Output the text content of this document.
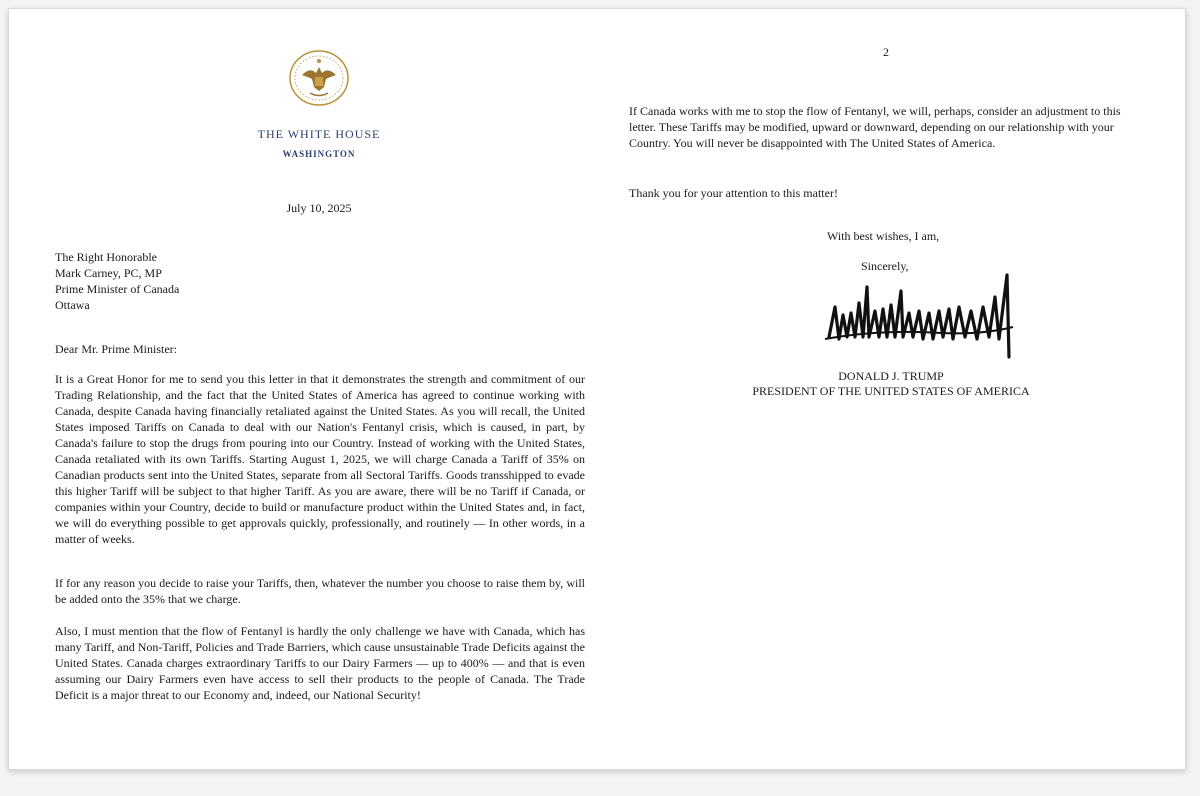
THE WHITE HOUSE
WASHINGTON
July 10, 2025
The Right Honorable
Mark Carney, PC, MP
Prime Minister of Canada
Ottawa
Dear Mr. Prime Minister:
It is a Great Honor for me to send you this letter in that it demonstrates the strength and commitment of our Trading Relationship, and the fact that the United States of America has agreed to continue working with Canada, despite Canada having financially retaliated against the United States. As you will recall, the United States imposed Tariffs on Canada to deal with our Nation's Fentanyl crisis, which is caused, in part, by Canada's failure to stop the drugs from pouring into our Country. Instead of working with the United States, Canada retaliated with its own Tariffs. Starting August 1, 2025, we will charge Canada a Tariff of 35% on Canadian products sent into the United States, separate from all Sectoral Tariffs. Goods transshipped to evade this higher Tariff will be subject to that higher Tariff. As you are aware, there will be no Tariff if Canada, or companies within your Country, decide to build or manufacture product within the United States and, in fact, we will do everything possible to get approvals quickly, professionally, and routinely — In other words, in a matter of weeks.
If for any reason you decide to raise your Tariffs, then, whatever the number you choose to raise them by, will be added onto the 35% that we charge.
Also, I must mention that the flow of Fentanyl is hardly the only challenge we have with Canada, which has many Tariff, and Non-Tariff, Policies and Trade Barriers, which cause unsustainable Trade Deficits against the United States. Canada charges extraordinary Tariffs to our Dairy Farmers — up to 400% — and that is even assuming our Dairy Farmers even have access to sell their products to the people of Canada. The Trade Deficit is a major threat to our Economy and, indeed, our National Security!
2
If Canada works with me to stop the flow of Fentanyl, we will, perhaps, consider an adjustment to this letter. These Tariffs may be modified, upward or downward, depending on our relationship with your Country. You will never be disappointed with The United States of America.
Thank you for your attention to this matter!
With best wishes, I am,
Sincerely,
DONALD J. TRUMP
PRESIDENT OF THE UNITED STATES OF AMERICA
